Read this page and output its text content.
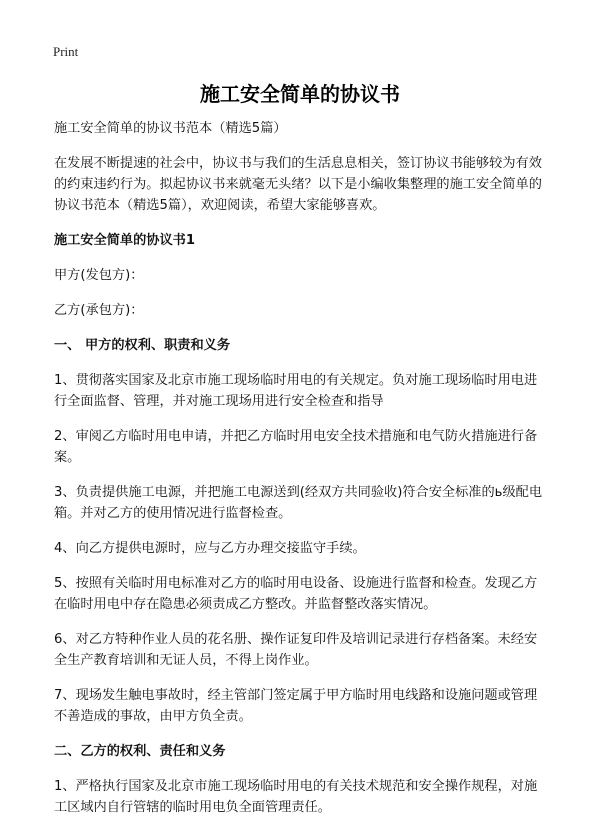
Print
施工安全简单的协议书

施工安全简单的协议书范本（精选5篇）

在发展不断提速的社会中，协议书与我们的生活息息相关，签订协议书能够较为有效的约束违约行为。拟起协议书来就毫无头绪？以下是小编收集整理的施工安全简单的协议书范本（精选5篇），欢迎阅读，希望大家能够喜欢。

施工安全简单的协议书1

甲方(发包方)：

乙方(承包方)：

一、 甲方的权利、职责和义务

1、贯彻落实国家及北京市施工现场临时用电的有关规定。负对施工现场临时用电进行全面监督、管理，并对施工现场用进行安全检查和指导

2、审阅乙方临时用电申请，并把乙方临时用电安全技术措施和电气防火措施进行备案。

3、负责提供施工电源，并把施工电源送到(经双方共同验收)符合安全标准的ь级配电箱。并对乙方的使用情况进行监督检查。

4、向乙方提供电源时，应与乙方办理交接监守手续。

5、按照有关临时用电标准对乙方的临时用电设备、设施进行监督和检查。发现乙方在临时用电中存在隐患必须责成乙方整改。并监督整改落实情况。

6、对乙方特种作业人员的花名册、操作证复印件及培训记录进行存档备案。未经安全生产教育培训和无证人员，不得上岗作业。

7、现场发生触电事故时，经主管部门签定属于甲方临时用电线路和设施问题或管理不善造成的事故，由甲方负全责。

二、乙方的权利、责任和义务

1、严格执行国家及北京市施工现场临时用电的有关技术规范和安全操作规程，对施工区域内自行管辖的临时用电负全面管理责任。
